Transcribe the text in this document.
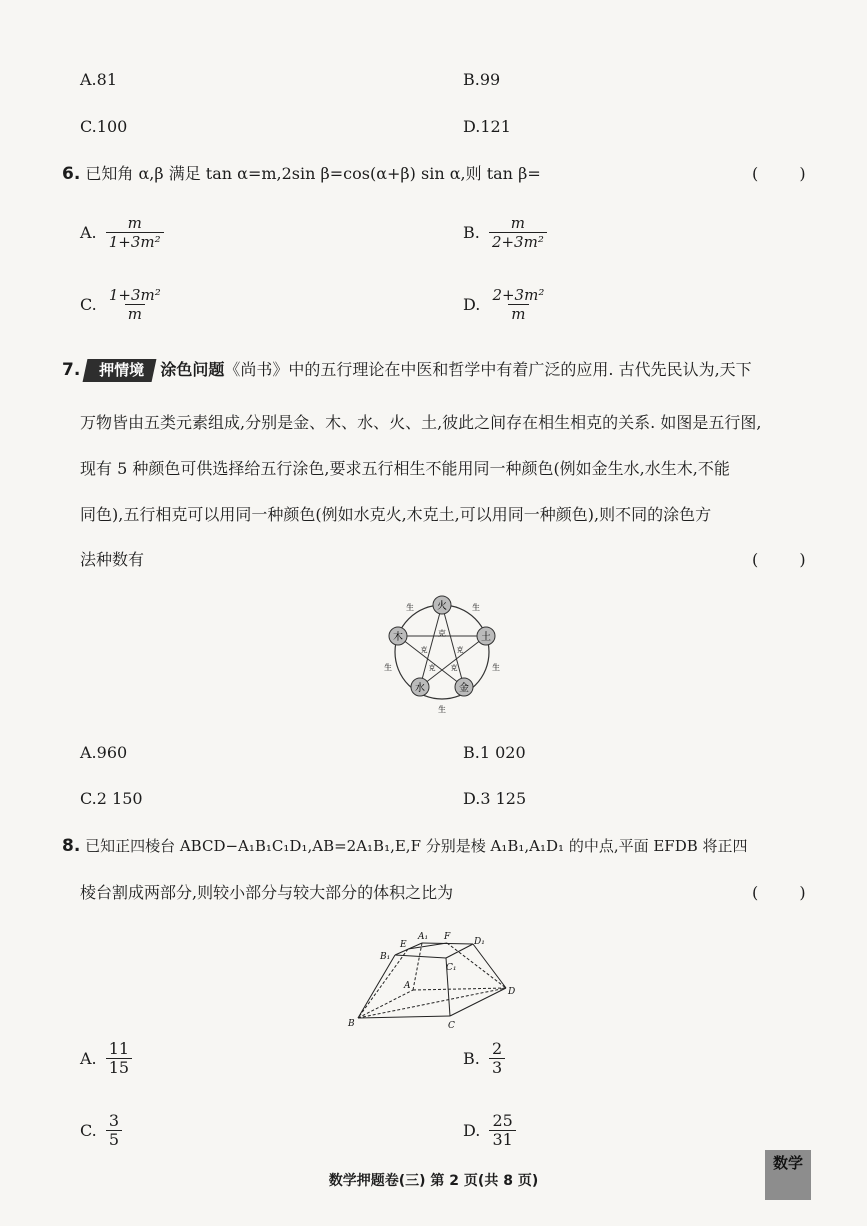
A.81	B.99
C.100	D.121
6. 已知角 α,β 满足 tan α=m,2sin β=cos(α+β) sin α,则 tan β=	( )
A. $\frac{m}{\text{1+3m²}}$	B. $\frac{m}{\text{2+3m²}}$
C. $\frac{\text{1+3m²}}{m}$	D. $\frac{\text{2+3m²}}{m}$
7. 押情境 涂色问题《尚书》中的五行理论在中医和哲学中有着广泛的应用. 古代先民认为,天下
万物皆由五类元素组成,分别是金、木、水、火、土,彼此之间存在相生相克的关系. 如图是五行图,
现有 5 种颜色可供选择给五行涂色,要求五行相生不能用同一种颜色(例如金生水,水生木,不能
同色),五行相克可以用同一种颜色(例如水克火,木克土,可以用同一种颜色),则不同的涂色方
法种数有	( )
火
土
金
水
木
生	生
生	生
生
克
克	克
克 克
A.960	B.1 020
C.2 150	D.3 125
8. 已知正四棱台 ABCD−A₁B₁C₁D₁,AB=2A₁B₁,E,F 分别是棱 A₁B₁,A₁D₁ 的中点,平面 EFDB 将正四
棱台割成两部分,则较小部分与较大部分的体积之比为	( )
B	C
D
A
B₁
C₁
D₁
A₁
E
F
A. $\frac{11}{15}$	B. $\frac{2}{3}$
C. $\frac{3}{5}$	D. $\frac{25}{31}$
数学押题卷(三) 第 2 页(共 8 页)
数学
